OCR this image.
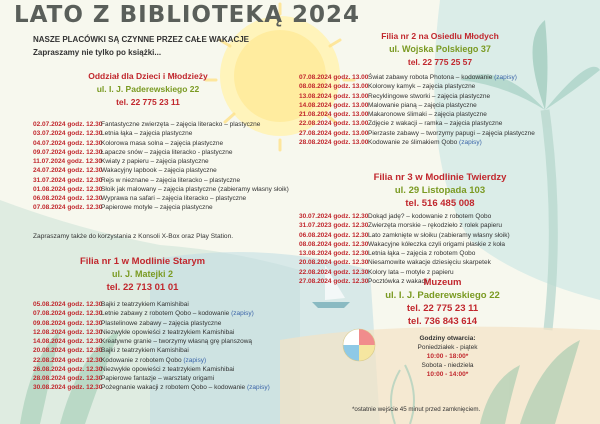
LATO Z BIBLIOTEKĄ 2024
NASZE PLACÓWKI SĄ CZYNNE PRZEZ CAŁE WAKACJE
Zapraszamy nie tylko po książki...
Oddział dla Dzieci i Młodzieży
ul. I. J. Paderewskiego 22
tel. 22 775 23 11
02.07.2024 godz. 12.30Fantastyczne zwierzęta – zajęcia literacko – plastyczne
03.07.2024 godz. 12.30Letnia łąka – zajęcia plastyczne
04.07.2024 godz. 12.30Kolorowa masa solna – zajęcia plastyczne
09.07.2024 godz. 12.30Łapacze snów – zajęcia literacko - plastyczne
11.07.2024 godz. 12.30Kwiaty z papieru – zajęcia plastyczne
24.07.2024 godz. 12.30Wakacyjny lapbook – zajęcia plastyczne
31.07.2024 godz. 12.30Rejs w nieznane – zajęcia literacko – plastyczne
01.08.2024 godz. 12.30Słoik jak malowany – zajęcia plastyczne (zabieramy własny słoik)
06.08.2024 godz. 12.30Wyprawa na safari – zajęcia literacko – plastyczne
07.08.2024 godz. 12.30Papierowe motyle – zajęcia plastyczne
Zapraszamy także do korzystania z Konsoli X-Box oraz Play Station.
Filia nr 1 w Modlinie Starym
ul. J. Matejki 2
tel. 22 713 01 01
05.08.2024 godz. 12.30Bajki z teatrzykiem Kamishibai
07.08.2024 godz. 12.30Letnie zabawy z robotem Qobo – kodowanie (zapisy)
09.08.2024 godz. 12.30Plastelinowe zabawy – zajęcia plastyczne
12.08.2024 godz. 12.30Niezwykłe opowieści z teatrzykiem Kamishibai
14.08.2024 godz. 12.30Kreatywne granie – tworzymy własną grę planszową
20.08.2024 godz. 12.30Bajki z teatrzykiem Kamishibai
22.08.2024 godz. 12.30Kodowanie z robotem Qobo (zapisy)
26.08.2024 godz. 12.30Niezwykłe opowieści z teatrzykiem Kamishibai
28.08.2024 godz. 12.30Papierowe fantazje – warsztaty origami
30.08.2024 godz. 12.30Pożegnanie wakacji z robotem Qobo – kodowanie (zapisy)
Filia nr 2 na Osiedlu Młodych
ul. Wojska Polskiego 37
tel. 22 775 25 57
07.08.2024 godz. 13.00Świat zabawy robota Photona – kodowanie (zapisy)
08.08.2024 godz. 13.00Kolorowy kamyk – zajęcia plastyczne
13.08.2024 godz. 13.00Recyklingowe stworki – zajęcia plastyczne
14.08.2024 godz. 13.00Malowanie pianą – zajęcia plastyczne
21.08.2024 godz. 13.00Makaronowe ślimaki – zajęcia plastyczne
22.08.2024 godz. 13.00Zdjęcie z wakacji – ramka – zajęcia plastyczne
27.08.2024 godz. 13.00Pierzaste zabawy – tworzymy papugi – zajęcia plastyczne
28.08.2024 godz. 13.00Kodowanie ze ślimakiem Qobo (zapisy)
Filia nr 3 w Modlinie Twierdzy
ul. 29 Listopada 103
tel. 516 485 008
30.07.2024 godz. 12.30Dokąd jadę? – kodowanie z robotem Qobo
31.07.2023 godz. 12.30Zwierzęta morskie – rękodzieło z rolek papieru
06.08.2024 godz. 12.30Lato zamknięte w słoiku (zabieramy własny słoik)
08.08.2024 godz. 12.30Wakacyjne kółeczka czyli origami płaskie z koła
13.08.2024 godz. 12.30Letnia łąka – zajęcia z robotem Qobo
20.08.2024 godz. 12.30Niesamowite wakacje dziesięciu skarpetek
22.08.2024 godz. 12.30Kolory lata – motyle z papieru
27.08.2024 godz. 12.30Pocztówka z wakacji
Muzeum
ul. I. J. Paderewskiego 22
tel. 22 775 23 11
tel. 736 843 614
Godziny otwarcia:
Poniedziałek - piątek
10:00 - 18:00*
Sobota - niedziela
10:00 - 14:00*
*ostatnie wejście 45 minut przed zamknięciem.
